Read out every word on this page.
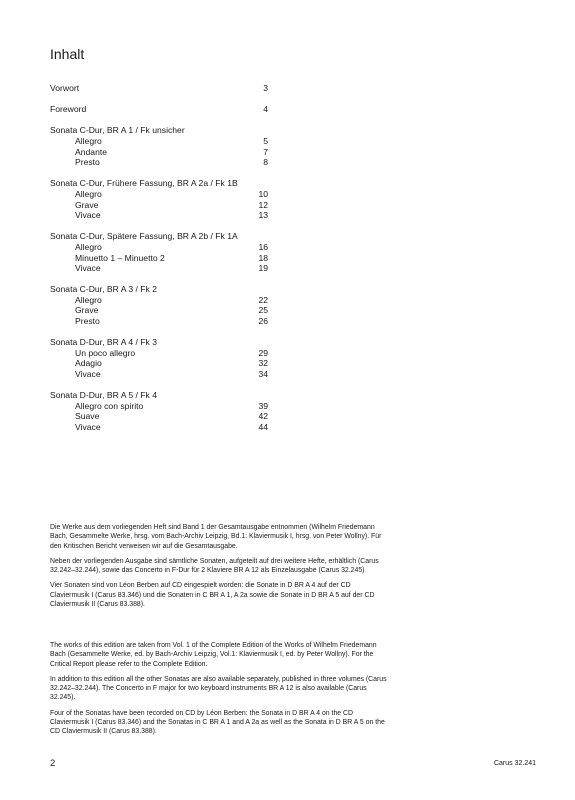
Inhalt
Vorwort	3
Foreword	4
Sonata C-Dur, BR A 1 / Fk unsicher
Allegro	5
Andante	7
Presto	8
Sonata C-Dur, Frühere Fassung, BR A 2a / Fk 1B
Allegro	10
Grave	12
Vivace	13
Sonata C-Dur, Spätere Fassung, BR A 2b / Fk 1A
Allegro	16
Minuetto 1 – Minuetto 2	18
Vivace	19
Sonata C-Dur, BR A 3 / Fk 2
Allegro	22
Grave	25
Presto	26
Sonata D-Dur, BR A 4 / Fk 3
Un poco allegro	29
Adagio	32
Vivace	34
Sonata D-Dur, BR A 5 / Fk 4
Allegro con spirito	39
Suave	42
Vivace	44

Die Werke aus dem vorliegenden Heft sind Band 1 der Gesamtausgabe entnommen (Wilhelm Friedemann Bach, Gesammelte Werke, hrsg. vom Bach-Archiv Leipzig, Bd.1: Klaviermusik I, hrsg. von Peter Wollny). Für den Kritischen Bericht verweisen wir auf die Gesamtausgabe.

Neben der vorliegenden Ausgabe sind sämtliche Sonaten, aufgeteilt auf drei weitere Hefte, erhältlich (Carus 32.242–32.244), sowie das Concerto in F-Dur für 2 Klaviere BR A 12 als Einzelausgabe (Carus 32.245)

Vier Sonaten sind von Léon Berben auf CD eingespielt worden: die Sonate in D BR A 4 auf der CD Claviermusik I (Carus 83.346) und die Sonaten in C BR A 1, A 2a sowie die Sonate in D BR A 5 auf der CD Claviermusik II (Carus 83.388).

The works of this edition are taken from Vol. 1 of the Complete Edition of the Works of Wilhelm Friedemann Bach (Gesammelte Werke, ed. by Bach-Archiv Leipzig, Vol.1: Klaviermusik I, ed. by Peter Wollny). For the Critical Report please refer to the Complete Edition.

In addition to this edition all the other Sonatas are also available separately, published in three volumes (Carus 32.242–32.244). The Concerto in F major for two keyboard instruments BR A 12 is also available (Carus 32.245).

Four of the Sonatas have been recorded on CD by Léon Berben: the Sonata in D BR A 4 on the CD Claviermusik I (Carus 83.346) and the Sonatas in C BR A 1 and A 2a as well as the Sonata in D BR A 5 on the CD Claviermusik II (Carus 83.388).

2	Carus 32.241
